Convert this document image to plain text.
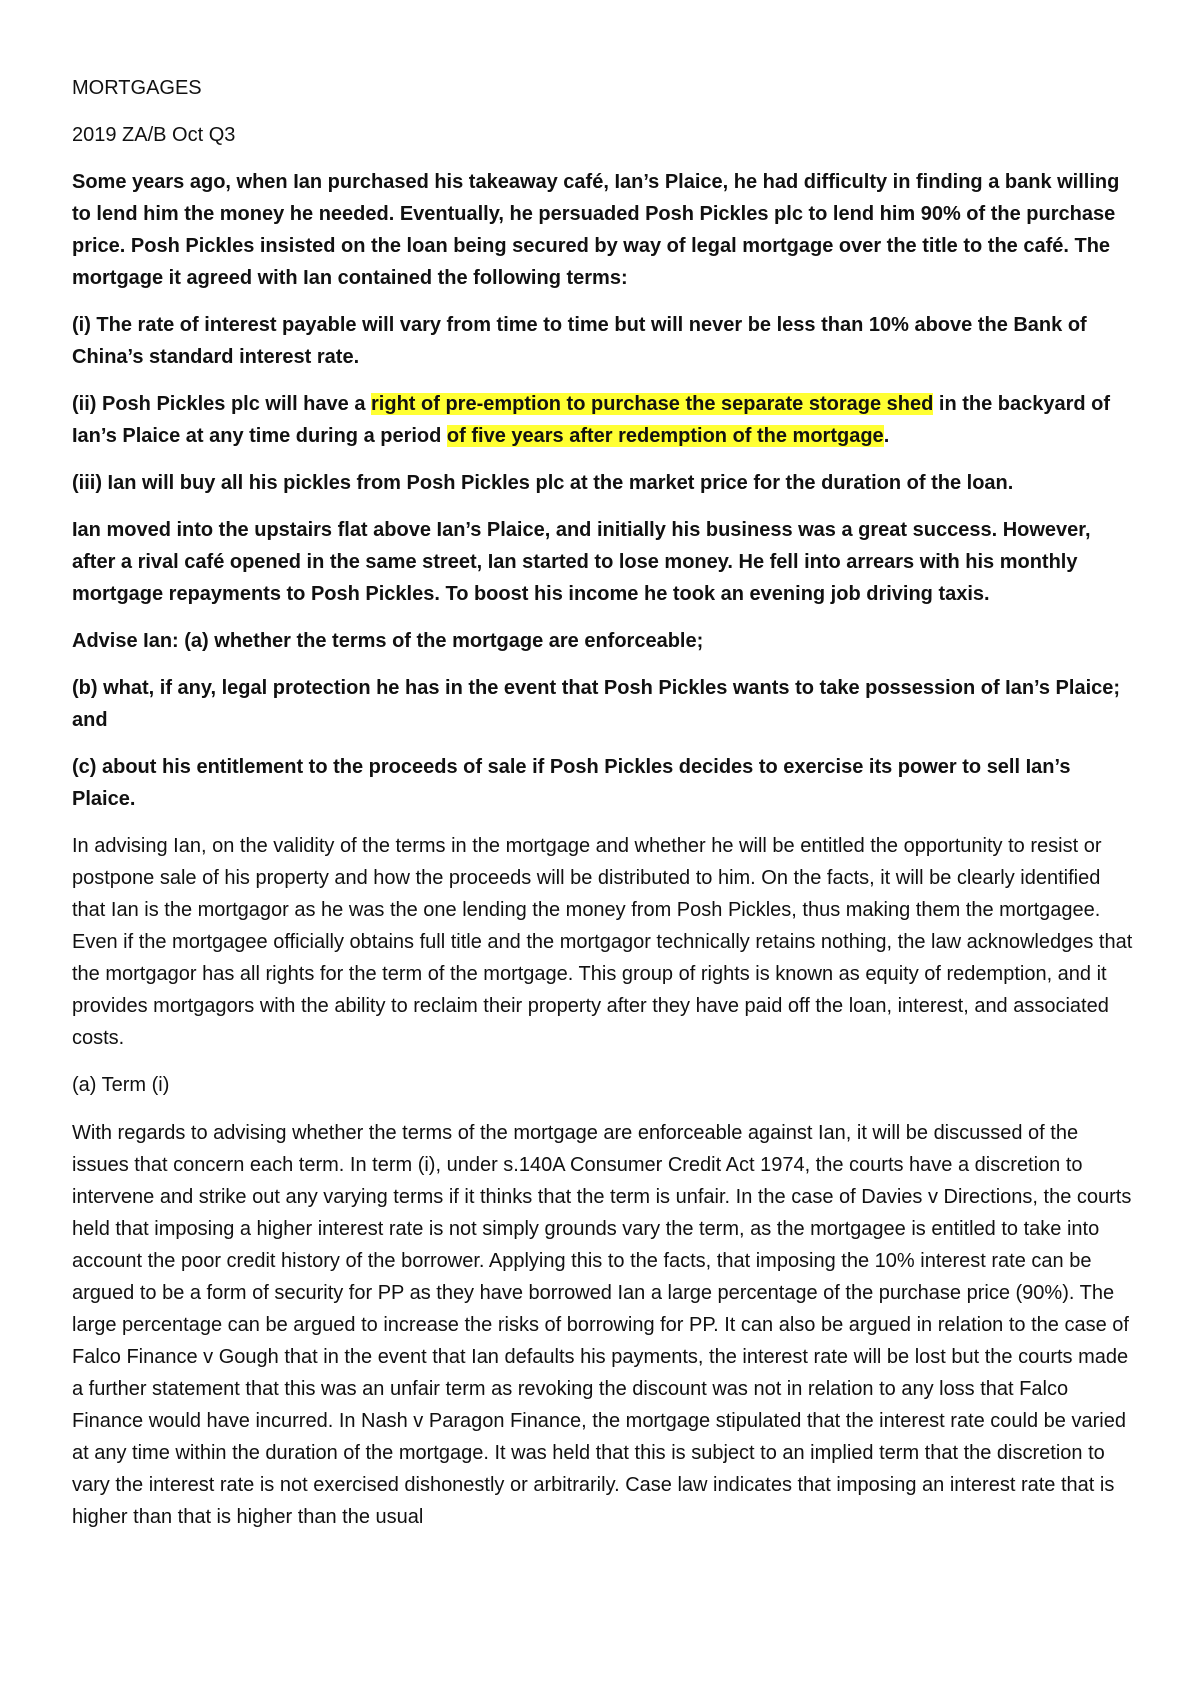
MORTGAGES

2019 ZA/B Oct Q3

Some years ago, when Ian purchased his takeaway café, Ian’s Plaice, he had difficulty in finding a bank willing to lend him the money he needed. Eventually, he persuaded Posh Pickles plc to lend him 90% of the purchase price. Posh Pickles insisted on the loan being secured by way of legal mortgage over the title to the café. The mortgage it agreed with Ian contained the following terms:

(i) The rate of interest payable will vary from time to time but will never be less than 10% above the Bank of China’s standard interest rate.

(ii) Posh Pickles plc will have a right of pre-emption to purchase the separate storage shed in the backyard of Ian’s Plaice at any time during a period of five years after redemption of the mortgage.

(iii) Ian will buy all his pickles from Posh Pickles plc at the market price for the duration of the loan.

Ian moved into the upstairs flat above Ian’s Plaice, and initially his business was a great success. However, after a rival café opened in the same street, Ian started to lose money. He fell into arrears with his monthly mortgage repayments to Posh Pickles. To boost his income he took an evening job driving taxis.

Advise Ian: (a) whether the terms of the mortgage are enforceable;

(b) what, if any, legal protection he has in the event that Posh Pickles wants to take possession of Ian’s Plaice; and

(c) about his entitlement to the proceeds of sale if Posh Pickles decides to exercise its power to sell Ian’s Plaice.

In advising Ian, on the validity of the terms in the mortgage and whether he will be entitled the opportunity to resist or postpone sale of his property and how the proceeds will be distributed to him. On the facts, it will be clearly identified that Ian is the mortgagor as he was the one lending the money from Posh Pickles, thus making them the mortgagee. Even if the mortgagee officially obtains full title and the mortgagor technically retains nothing, the law acknowledges that the mortgagor has all rights for the term of the mortgage. This group of rights is known as equity of redemption, and it provides mortgagors with the ability to reclaim their property after they have paid off the loan, interest, and associated costs.

(a) Term (i)

With regards to advising whether the terms of the mortgage are enforceable against Ian, it will be discussed of the issues that concern each term. In term (i), under s.140A Consumer Credit Act 1974, the courts have a discretion to intervene and strike out any varying terms if it thinks that the term is unfair. In the case of Davies v Directions, the courts held that imposing a higher interest rate is not simply grounds vary the term, as the mortgagee is entitled to take into account the poor credit history of the borrower. Applying this to the facts, that imposing the 10% interest rate can be argued to be a form of security for PP as they have borrowed Ian a large percentage of the purchase price (90%). The large percentage can be argued to increase the risks of borrowing for PP. It can also be argued in relation to the case of Falco Finance v Gough that in the event that Ian defaults his payments, the interest rate will be lost but the courts made a further statement that this was an unfair term as revoking the discount was not in relation to any loss that Falco Finance would have incurred. In Nash v Paragon Finance, the mortgage stipulated that the interest rate could be varied at any time within the duration of the mortgage. It was held that this is subject to an implied term that the discretion to vary the interest rate is not exercised dishonestly or arbitrarily. Case law indicates that imposing an interest rate that is higher than that is higher than the usual
